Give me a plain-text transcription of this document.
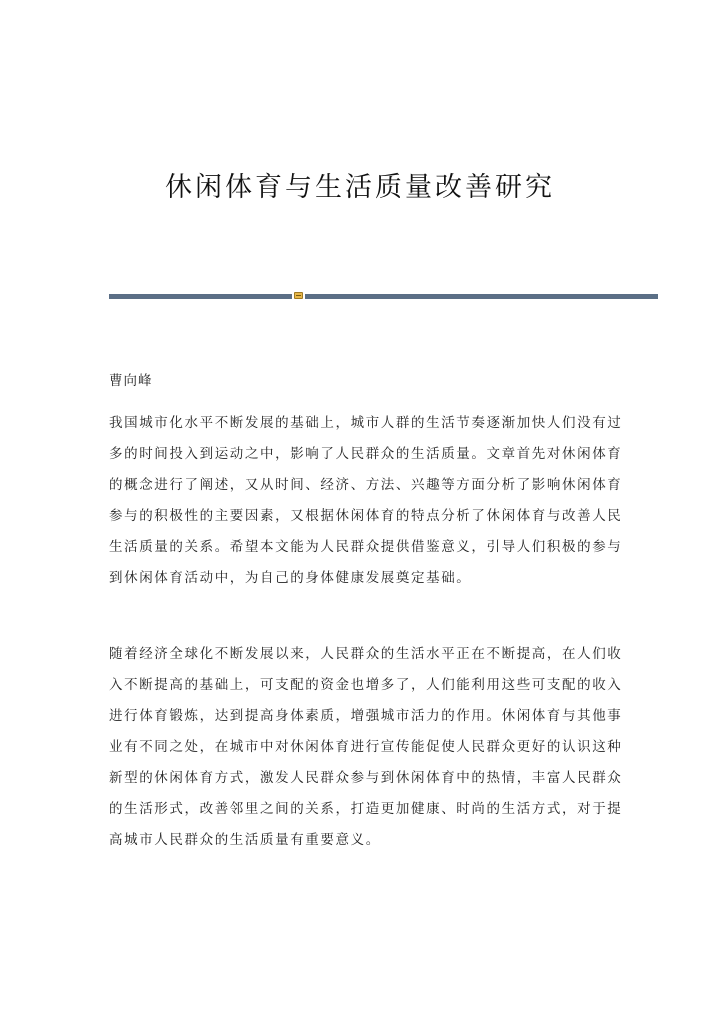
休闲体育与生活质量改善研究

曹向峰

我国城市化水平不断发展的基础上，城市人群的生活节奏逐渐加快人们没有过
多的时间投入到运动之中，影响了人民群众的生活质量。文章首先对休闲体育
的概念进行了阐述，又从时间、经济、方法、兴趣等方面分析了影响休闲体育
参与的积极性的主要因素，又根据休闲体育的特点分析了休闲体育与改善人民
生活质量的关系。希望本文能为人民群众提供借鉴意义，引导人们积极的参与
到休闲体育活动中，为自己的身体健康发展奠定基础。
随着经济全球化不断发展以来，人民群众的生活水平正在不断提高，在人们收
入不断提高的基础上，可支配的资金也增多了，人们能利用这些可支配的收入
进行体育锻炼，达到提高身体素质，增强城市活力的作用。休闲体育与其他事
业有不同之处，在城市中对休闲体育进行宣传能促使人民群众更好的认识这种
新型的休闲体育方式，激发人民群众参与到休闲体育中的热情，丰富人民群众
的生活形式，改善邻里之间的关系，打造更加健康、时尚的生活方式，对于提
高城市人民群众的生活质量有重要意义。
